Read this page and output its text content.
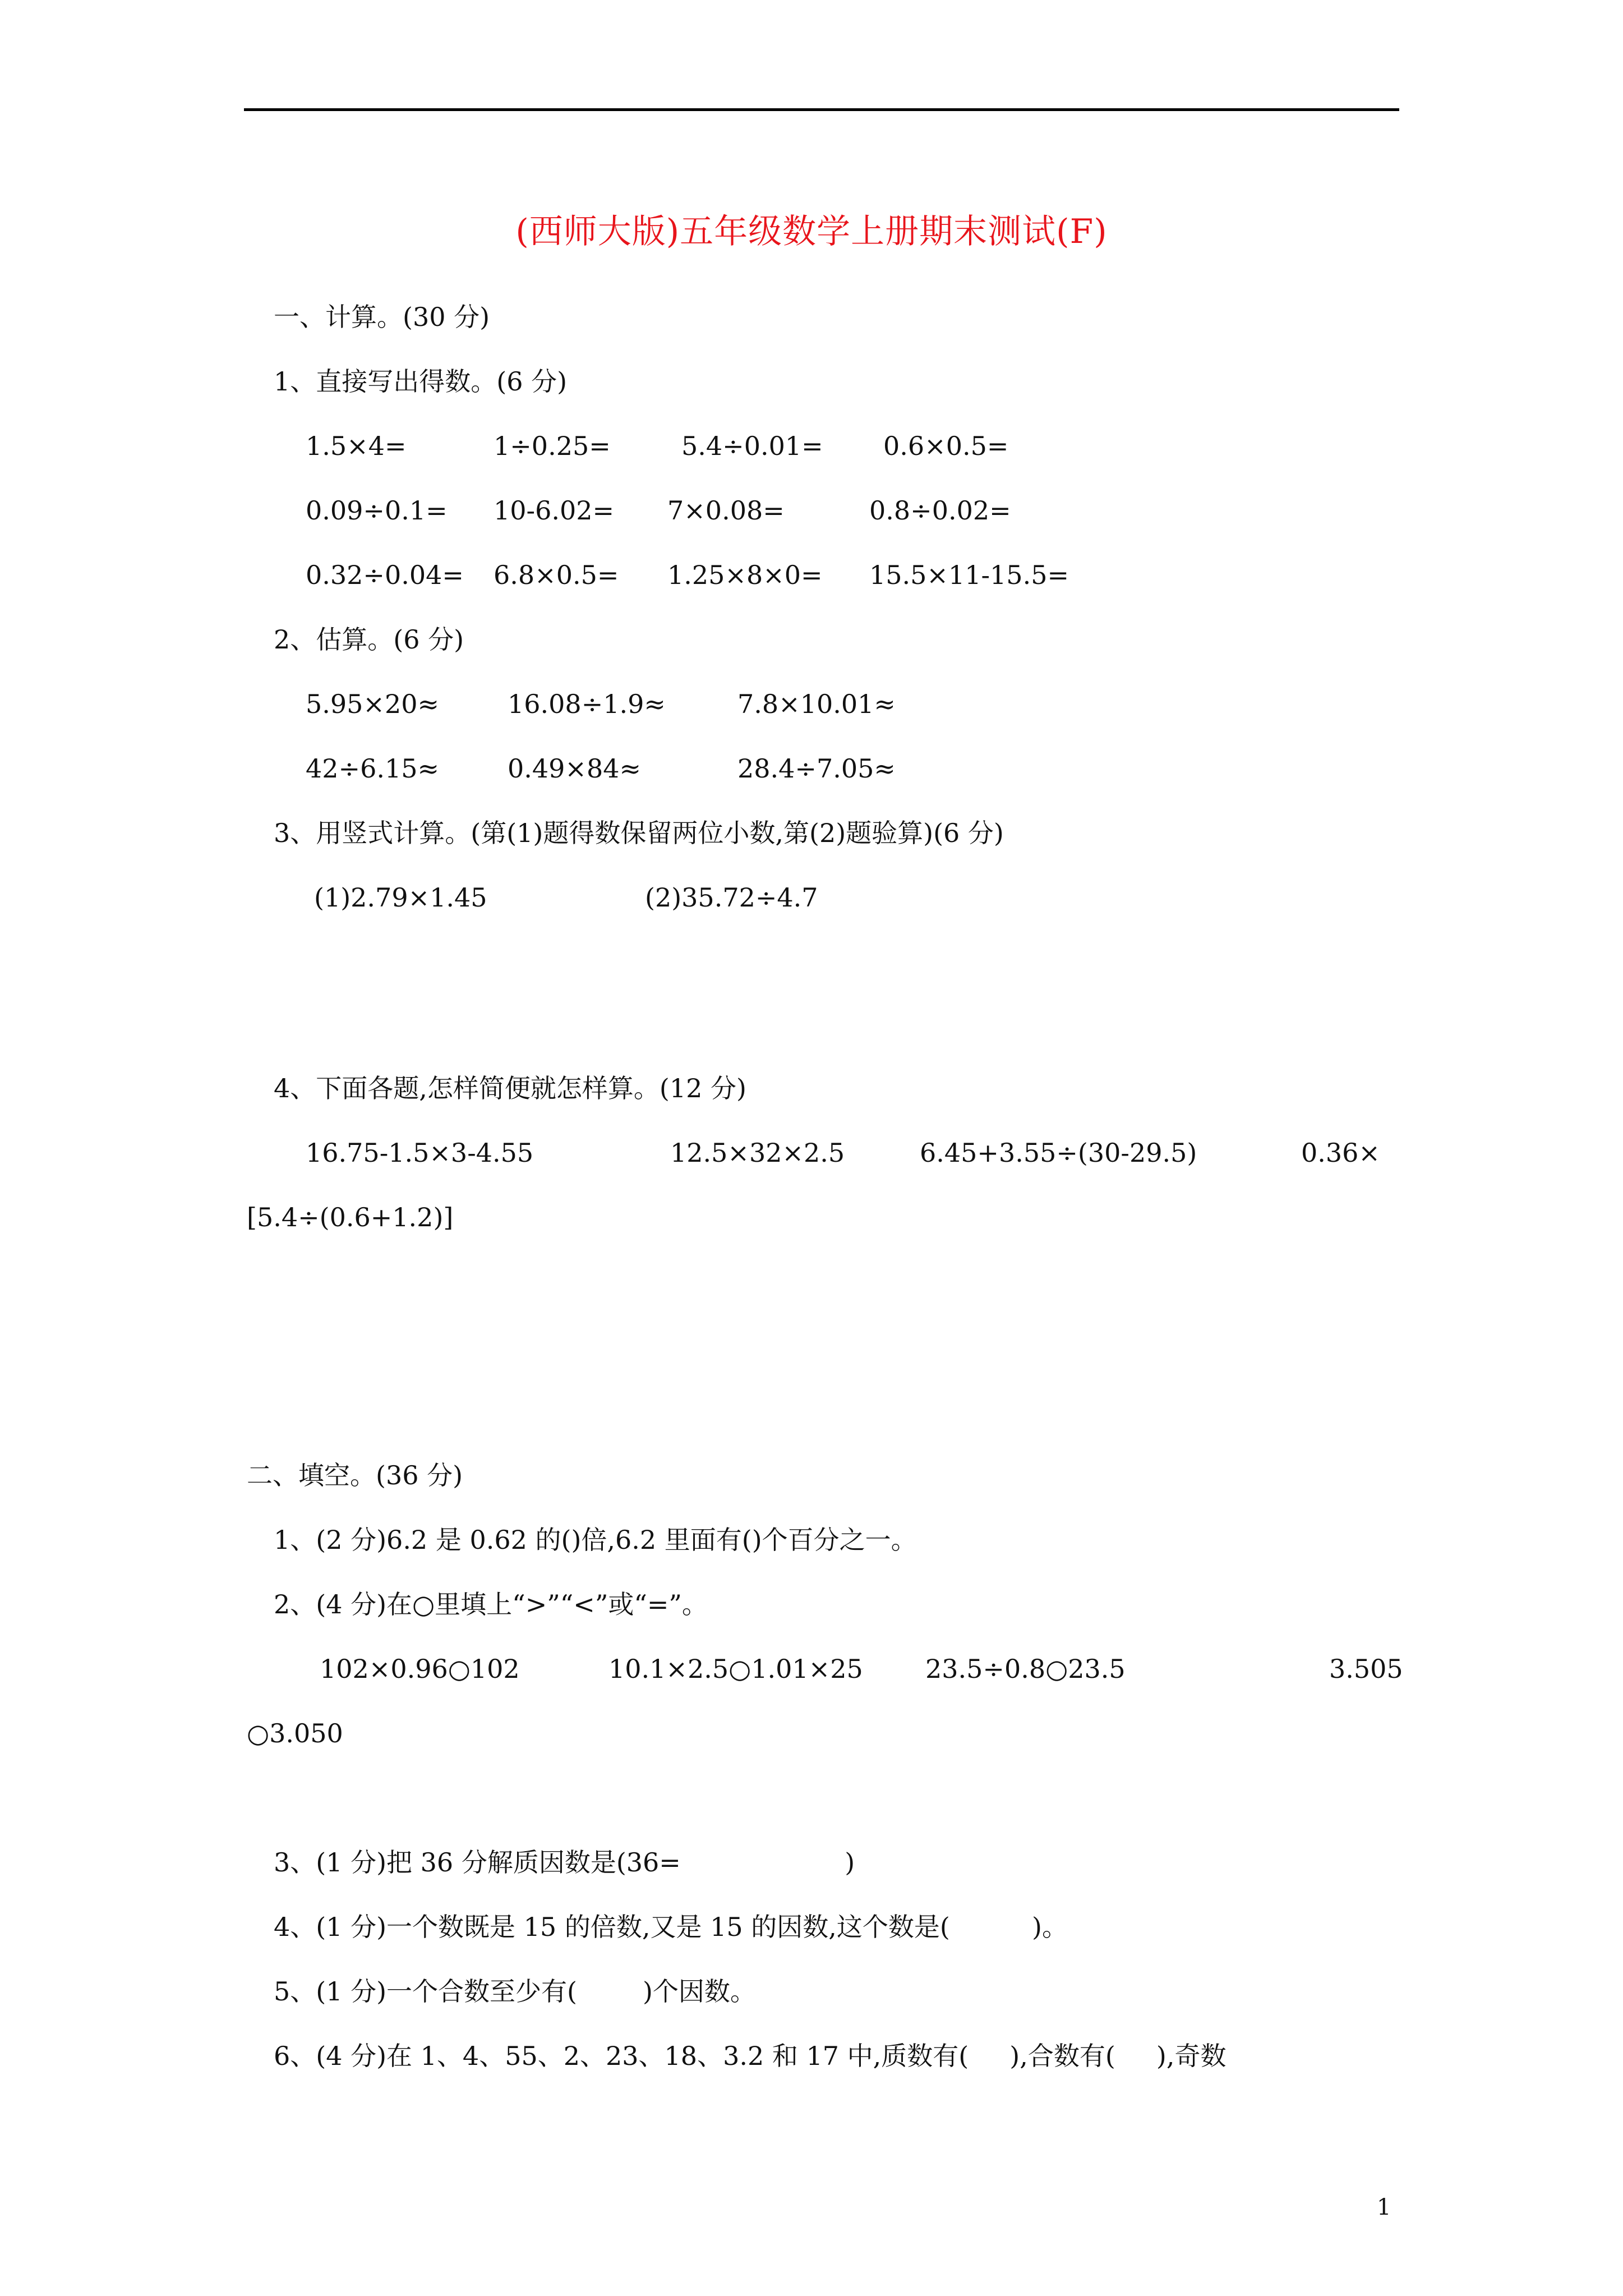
(西师大版)五年级数学上册期末测试(F)
一、计算。(30 分)
1、直接写出得数。(6 分)
1.5×4=	1÷0.25=	5.4÷0.01= 0.6×0.5=
0.09÷0.1= 10-6.02= 7×0.08=	0.8÷0.02=
0.32÷0.04= 6.8×0.5= 1.25×8×0= 15.5×11-15.5=
2、估算。(6 分)
5.95×20≈	16.08÷1.9≈	7.8×10.01≈
42÷6.15≈	0.49×84≈	28.4÷7.05≈
3、用竖式计算。(第(1)题得数保留两位小数,第(2)题验算)(6 分)
(1)2.79×1.45	(2)35.72÷4.7
4、下面各题,怎样简便就怎样算。(12 分)
16.75-1.5×3-4.55	12.5×32×2.5	6.45+3.55÷(30-29.5)	0.36×
[5.4÷(0.6+1.2)]
二、填空。(36 分)
1、(2 分)6.2 是 0.62 的()倍,6.2 里面有()个百分之一。
2、(4 分)在○里填上“>”“<”或“=”。
102×0.96○102	10.1×2.5○1.01×25 23.5÷0.8○23.5	3.505
○3.050
3、(1 分)把 36 分解质因数是(36=                    )
4、(1 分)一个数既是 15 的倍数,又是 15 的因数,这个数是(          )。
5、(1 分)一个合数至少有(        )个因数。
6、(4 分)在 1、4、55、2、23、18、3.2 和 17 中,质数有(     ),合数有(     ),奇数
1
